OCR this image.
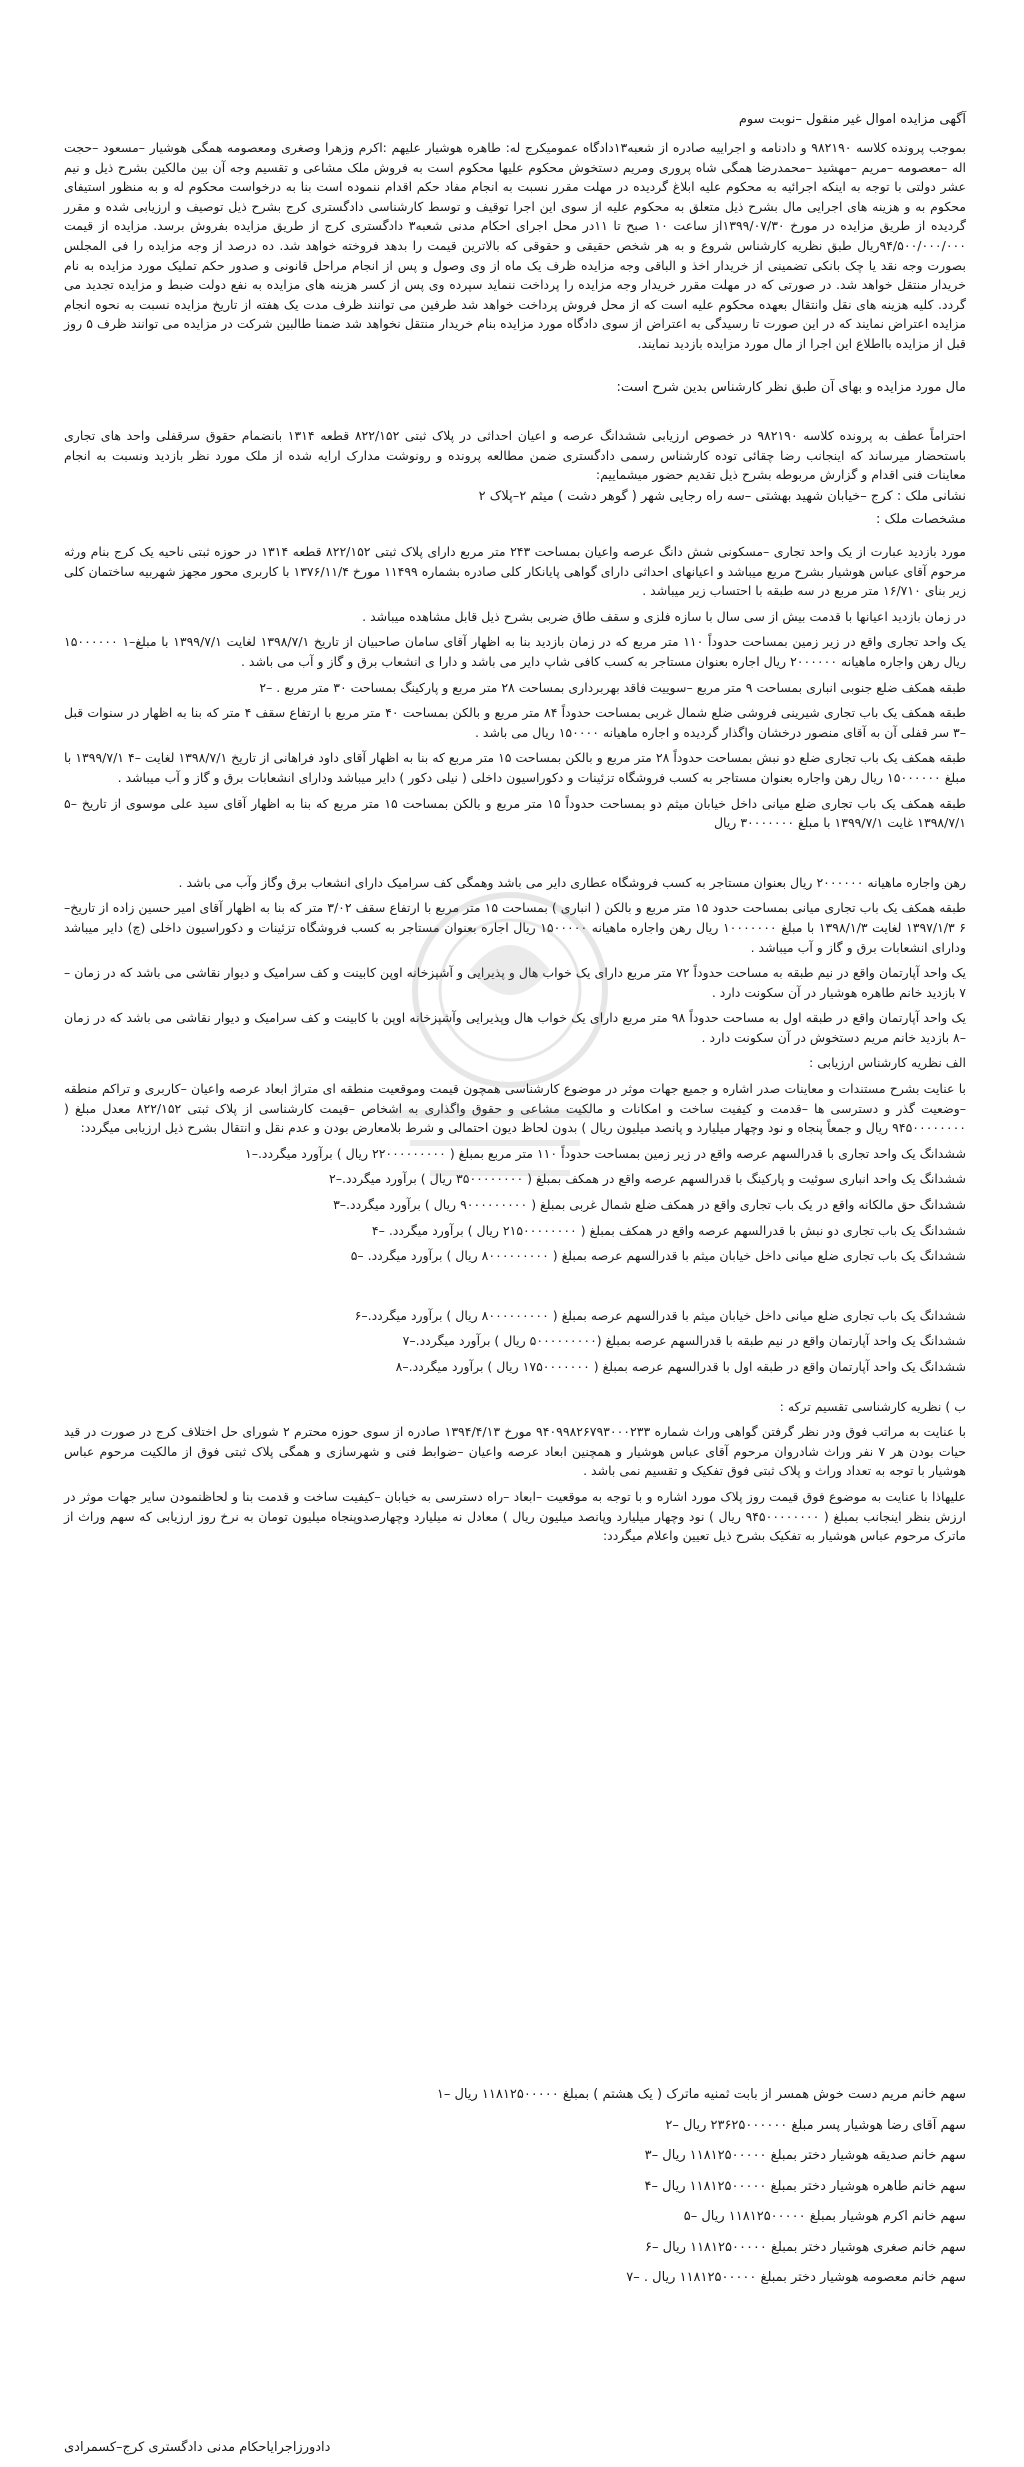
آگهی مزایده اموال غیر منقول –نوبت سوم

بموجب پرونده کلاسه ۹۸۲۱۹۰ و دادنامه و اجراییه صادره از شعبه۱۳دادگاه عمومیکرج له: طاهره هوشیار علیهم :اکرم وزهرا وصغری ومعصومه همگی هوشیار –مسعود –حجت اله –معصومه –مریم –مهشید –محمدرضا همگی شاه پروری ومریم دستخوش محکوم علیها محکوم است به فروش ملک مشاعی و تقسیم وجه آن بین مالکین بشرح ذیل و نیم عشر دولتی با توجه به اینکه اجرائیه به محکوم علیه ابلاغ گردیده در مهلت مقرر نسبت به انجام مفاد حکم اقدام ننموده است بنا به درخواست محکوم له و به منظور استیفای محکوم به و هزینه های اجرایی مال بشرح ذیل متعلق به محکوم علیه از سوی این اجرا توقیف و توسط کارشناسی دادگستری کرج بشرح ذیل توصیف و ارزیابی شده و مقرر گردیده از طریق مزایده در مورخ ۱۳۹۹/۰۷/۳۰از ساعت ۱۰ صبح تا ۱۱در محل اجرای احکام مدنی شعبه۳ دادگستری کرج از طریق مزایده بفروش برسد. مزایده از قیمت ۹۴/۵۰۰/۰۰۰/۰۰۰ریال طبق نظریه کارشناس شروع و به هر شخص حقیقی و حقوقی که بالاترین قیمت را بدهد فروخته خواهد شد. ده درصد از وجه مزایده را فی المجلس بصورت وجه نقد یا چک بانکی تضمینی از خریدار اخذ و الباقی وجه مزایده ظرف یک ماه از وی وصول و پس از انجام مراحل قانونی و صدور حکم تملیک مورد مزایده به نام خریدار منتقل خواهد شد. در صورتی که در مهلت مقرر خریدار وجه مزایده را پرداخت ننماید سپرده وی پس از کسر هزینه های مزایده به نفع دولت ضبط و مزایده تجدید می گردد. کلیه هزینه های نقل وانتقال بعهده محکوم علیه است که از محل فروش پرداخت خواهد شد طرفین می توانند ظرف مدت یک هفته از تاریخ مزایده نسبت به نحوه انجام مزایده اعتراض نمایند که در این صورت تا رسیدگی به اعتراض از سوی دادگاه مورد مزایده بنام خریدار منتقل نخواهد شد ضمنا طالبین شرکت در مزایده می توانند ظرف ۵ روز قبل از مزایده بااطلاع این اجرا از مال مورد مزایده بازدید نمایند.

مال مورد مزایده و بهای آن طبق نظر کارشناس بدین شرح است:

احتراماً عطف به پرونده کلاسه ۹۸۲۱۹۰ در خصوص ارزیابی ششدانگ عرصه و اعیان احداثی در پلاک ثبتی ۸۲۲/۱۵۲ قطعه ۱۳۱۴ بانضمام حقوق سرقفلی واحد های تجاری باستحضار میرساند که اینجانب رضا چقائی توده کارشناس رسمی دادگستری ضمن مطالعه پرونده و رونوشت مدارک ارایه شده از ملک مورد نظر بازدید ونسبت به انجام معاینات فنی اقدام و گزارش مربوطه بشرح ذیل تقدیم حضور میشماییم:

نشانی ملک : کرج –خیابان شهید بهشتی –سه راه رجایی شهر ( گوهر دشت ) میثم ۲–پلاک ۲

مشخصات ملک :

مورد بازدید عبارت از یک واحد تجاری –مسکونی شش دانگ عرصه واعیان بمساحت ۲۴۳ متر مربع دارای پلاک ثبتی ۸۲۲/۱۵۲ قطعه ۱۳۱۴ در حوزه ثبتی ناحیه یک کرج بنام ورثه مرحوم آقای عباس هوشیار بشرح مربع میباشد و اعیانهای احداثی دارای گواهی پایانکار کلی صادره بشماره ۱۱۴۹۹ مورخ ۱۳۷۶/۱۱/۴ با کاربری محور مجهز شهربیه ساختمان کلی زیر بنای ۱۶/۷۱۰ متر مربع در سه طبقه با احتساب زیر میباشد .

در زمان بازدید اعیانها با قدمت بیش از سی سال با سازه فلزی و سقف طاق ضربی بشرح ذیل قابل مشاهده میباشد .

یک واحد تجاری واقع در زیر زمین بمساحت حدوداً ۱۱۰ متر مربع که در زمان بازدید بنا به اظهار آقای سامان صاحبیان از تاریخ ۱۳۹۸/۷/۱ لغایت ۱۳۹۹/۷/۱ با مبلغ–۱ ۱۵۰۰۰۰۰۰ ریال رهن واجاره ماهیانه ۲۰۰۰۰۰۰ ریال اجاره بعنوان مستاجر به کسب کافی شاپ دایر می باشد و دارا ی انشعاب برق و گاز و آب می باشد .

طبقه همکف ضلع جنوبی انباری بمساحت ۹ متر مربع –سوییت فاقد بهربرداری بمساحت ۲۸ متر مربع و پارکینگ بمساحت ۳۰ متر مربع . –۲

طبقه همکف یک باب تجاری شیرینی فروشی ضلع شمال غربی بمساحت حدوداً ۸۴ متر مربع و بالکن بمساحت ۴۰ متر مربع با ارتفاع سقف ۴ متر که بنا به اظهار در سنوات قبل –۳ سر قفلی آن به آقای منصور درخشان واگذار گردیده و اجاره ماهیانه ۱۵۰۰۰۰ ریال می باشد .

طبقه همکف یک باب تجاری ضلع دو نبش بمساحت حدوداً ۲۸ متر مربع و بالکن بمساحت ۱۵ متر مربع که بنا به اظهار آقای داود فراهانی از تاریخ ۱۳۹۸/۷/۱ لغایت –۴ ۱۳۹۹/۷/۱ با مبلغ ۱۵۰۰۰۰۰۰ ریال رهن واجاره بعنوان مستاجر به کسب فروشگاه تزئینات و دکوراسیون داخلی ( نیلی دکور ) دایر میباشد ودارای انشعابات برق و گاز و آب میباشد .

طبقه همکف یک باب تجاری ضلع میانی داخل خیابان میثم دو بمساحت حدوداً ۱۵ متر مربع و بالکن بمساحت ۱۵ متر مربع که بنا به اظهار آقای سید علی موسوی از تاریخ –۵ ۱۳۹۸/۷/۱ غایت ۱۳۹۹/۷/۱ با مبلغ ۳۰۰۰۰۰۰۰ ریال

رهن واجاره ماهیانه ۲۰۰۰۰۰۰ ریال بعنوان مستاجر به کسب فروشگاه عطاری دایر می باشد وهمگی کف سرامیک دارای انشعاب برق وگاز وآب می باشد .

طبقه همکف یک باب تجاری میانی بمساحت حدود ۱۵ متر مربع و بالکن ( انباری ) بمساحت ۱۵ متر مربع با ارتفاع سقف ۳/۰۲ متر که بنا به اظهار آقای امیر حسین زاده از تاریخ–۶ ۱۳۹۷/۱/۳ لغایت ۱۳۹۸/۱/۳ با مبلغ ۱۰۰۰۰۰۰۰ ریال رهن واجاره ماهیانه ۱۵۰۰۰۰۰ ریال اجاره بعنوان مستاجر به کسب فروشگاه تزئینات و دکوراسیون داخلی (چ) دایر میباشد ودارای انشعابات برق و گاز و آب میباشد .

یک واحد آپارتمان واقع در نیم طبقه به مساحت حدوداً ۷۲ متر مربع دارای یک خواب هال و پذیرایی و آشپزخانه اوپن کابینت و کف سرامیک و دیوار نقاشی می باشد که در زمان –۷ بازدید خانم طاهره هوشیار در آن سکونت دارد .

یک واحد آپارتمان واقع در طبقه اول به مساحت حدوداً ۹۸ متر مربع دارای یک خواب هال وپذیرایی وآشپزخانه اوپن با کابینت و کف سرامیک و دیوار نقاشی می باشد که در زمان –۸ بازدید خانم مریم دستخوش در آن سکونت دارد .

الف نظریه کارشناس ارزیابی :

با عنایت بشرح مستندات و معاینات صدر اشاره و جمیع جهات موثر در موضوع کارشناسی همچون قیمت وموقعیت منطقه ای متراژ ابعاد عرصه واعیان –کاربری و تراکم منطقه –وضعیت گذر و دسترسی ها –قدمت و کیفیت ساخت و امکانات و مالکیت مشاعی و حقوق واگذاری به اشخاص –قیمت کارشناسی از پلاک ثبتی ۸۲۲/۱۵۲ معدل مبلغ ( ۹۴۵۰۰۰۰۰۰۰۰ ریال و جمعاً پنجاه و نود وچهار میلیارد و پانصد میلیون ریال ) بدون لحاظ دیون احتمالی و شرط بلامعارض بودن و عدم نقل و انتقال بشرح ذیل ارزیابی میگردد:

ششدانگ یک واحد تجاری با قدرالسهم عرصه واقع در زیر زمین بمساحت حدوداً ۱۱۰ متر مربع بمبلغ ( ۲۲۰۰۰۰۰۰۰۰۰ ریال ) برآورد میگردد.–۱

ششدانگ یک واحد انباری سوئیت و پارکینگ با قدرالسهم عرصه واقع در همکف بمبلغ ( ۳۵۰۰۰۰۰۰۰۰ ریال ) برآورد میگردد.–۲

ششدانگ حق مالکانه واقع در یک باب تجاری واقع در همکف ضلع شمال غربی بمبلغ ( ۹۰۰۰۰۰۰۰۰۰ ریال ) برآورد میگردد.–۳

ششدانگ یک باب تجاری دو نبش با قدرالسهم عرصه واقع در همکف بمبلغ ( ۲۱۵۰۰۰۰۰۰۰۰ ریال ) برآورد میگردد. –۴

ششدانگ یک باب تجاری ضلع میانی داخل خیابان میثم با قدرالسهم عرصه بمبلغ ( ۸۰۰۰۰۰۰۰۰۰ ریال ) برآورد میگردد. –۵

ششدانگ یک باب تجاری ضلع میانی داخل خیابان میثم با قدرالسهم عرصه بمبلغ ( ۸۰۰۰۰۰۰۰۰۰ ریال ) برآورد میگردد.–۶

ششدانگ یک واحد آپارتمان واقع در نیم طبقه با قدرالسهم عرصه بمبلغ (۵۰۰۰۰۰۰۰۰۰ ریال ) برآورد میگردد.–۷

ششدانگ یک واحد آپارتمان واقع در طبقه اول با قدرالسهم عرصه بمبلغ ( ۱۷۵۰۰۰۰۰۰۰ ریال ) برآورد میگردد.–۸

ب ) نظریه کارشناسی تقسیم ترکه :

با عنایت به مراتب فوق ودر نظر گرفتن گواهی وراث شماره ۹۴۰۹۹۸۲۶۷۹۳۰۰۰۲۳۳ مورخ ۱۳۹۴/۴/۱۳ صادره از سوی حوزه محترم ۲ شورای حل اختلاف کرج در صورت در قید حیات بودن هر ۷ نفر وراث شادروان مرحوم آقای عباس هوشیار و همچنین ابعاد عرصه واعیان –ضوابط فنی و شهرسازی و همگی پلاک ثبتی فوق از مالکیت مرحوم عباس هوشیار با توجه به تعداد وراث و پلاک ثبتی فوق تفکیک و تقسیم نمی باشد .

علیهاذا با عنایت به موضوع فوق قیمت روز پلاک مورد اشاره و با توجه به موقعیت –ابعاد –راه دسترسی به خیابان –کیفیت ساخت و قدمت بنا و لحاظنمودن سایر جهات موثر در ارزش بنظر اینجانب بمبلغ ( ۹۴۵۰۰۰۰۰۰۰۰ ریال ) نود وچهار میلیارد وپانصد میلیون ریال ) معادل نه میلیارد وچهارصدوپنجاه میلیون تومان به نرخ روز ارزیابی که سهم وراث از ماترک مرحوم عباس هوشیار به تفکیک بشرح ذیل تعیین واعلام میگردد:

سهم خانم مریم دست خوش همسر از بابت ثمنیه ماترک ( یک هشتم ) بمبلغ ۱۱۸۱۲۵۰۰۰۰۰ ریال –۱

سهم آقای رضا هوشیار پسر مبلغ ۲۳۶۲۵۰۰۰۰۰۰ ریال –۲

سهم خانم صدیقه هوشیار دختر بمبلغ ۱۱۸۱۲۵۰۰۰۰۰ ریال –۳

سهم خانم طاهره هوشیار دختر بمبلغ ۱۱۸۱۲۵۰۰۰۰۰ ریال –۴

سهم خانم اکرم هوشیار بمبلغ ۱۱۸۱۲۵۰۰۰۰۰ ریال –۵

سهم خانم صغری هوشیار دختر بمبلغ ۱۱۸۱۲۵۰۰۰۰۰ ریال –۶

سهم خانم معصومه هوشیار دختر بمبلغ ۱۱۸۱۲۵۰۰۰۰۰ ریال . –۷

دادورزاجرایاحکام مدنی دادگستری کرج–کسمرادی
